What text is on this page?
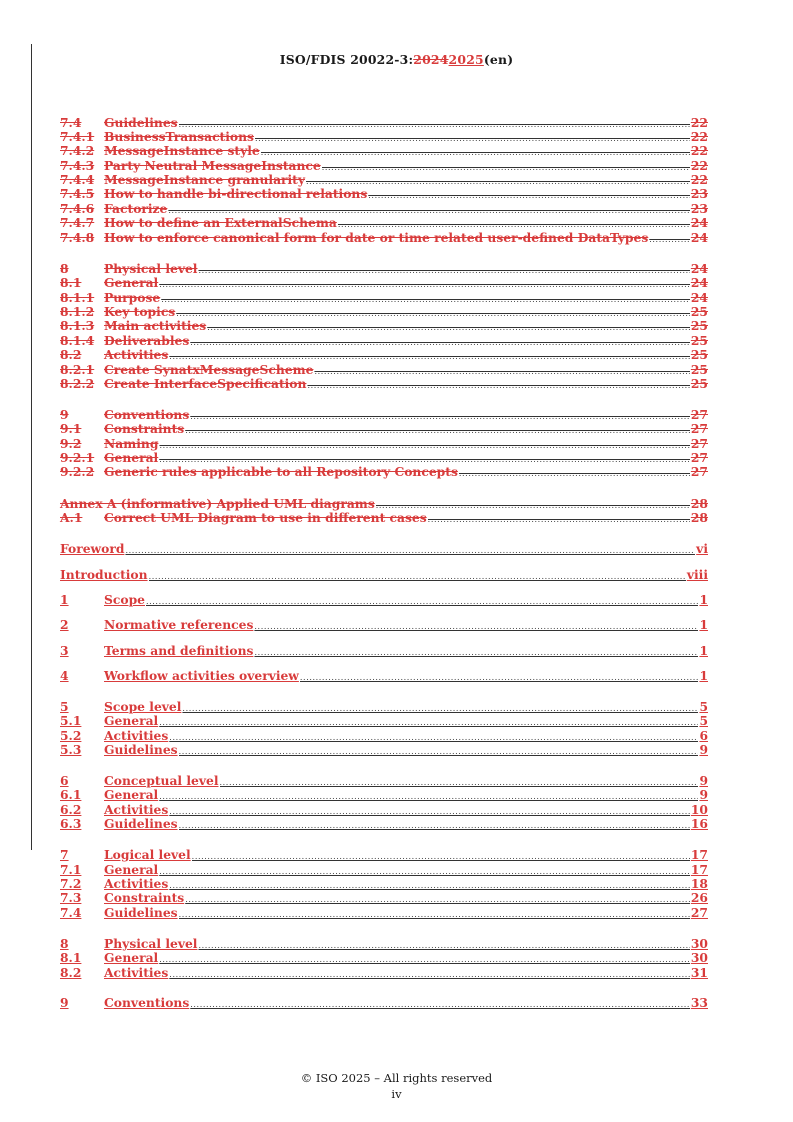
ISO/FDIS 20022-3:20242025(en)
7.4	Guidelines .....	22
7.4.1 BusinessTransactions .....	22
7.4.2 MessageInstance style .....	22
7.4.3 Party Neutral MessageInstance .....	22
7.4.4 MessageInstance granularity .....	22
7.4.5 How to handle bi-directional relations .....	23
7.4.6 Factorize .....	23
7.4.7 How to define an ExternalSchema .....	24
7.4.8 How to enforce canonical form for date or time related user-defined DataTypes .....	24
8	Physical level .....	24
8.1	General .....	24
8.1.1 Purpose .....	24
8.1.2 Key topics .....	25
8.1.3 Main activities .....	25
8.1.4 Deliverables .....	25
8.2	Activities .....	25
8.2.1 Create SynatxMessageScheme .....	25
8.2.2 Create InterfaceSpecification .....	25
9	Conventions .....	27
9.1	Constraints .....	27
9.2	Naming .....	27
9.2.1 General .....	27
9.2.2 Generic rules applicable to all Repository Concepts .....	27
Annex A (informative) Applied UML diagrams .....	28
A.1	Correct UML Diagram to use in different cases .....	28
Foreword .....	vi
Introduction .....	viii
1	Scope .....	1
2	Normative references .....	1
3	Terms and definitions .....	1
4	Workflow activities overview .....	1
5	Scope level .....	5
5.1	General .....	5
5.2	Activities .....	6
5.3	Guidelines .....	9
6	Conceptual level .....	9
6.1	General .....	9
6.2	Activities .....	10
6.3	Guidelines .....	16
7	Logical level .....	17
7.1	General .....	17
7.2	Activities .....	18
7.3	Constraints .....	26
7.4	Guidelines .....	27
8	Physical level .....	30
8.1	General .....	30
8.2	Activities .....	31
9	Conventions .....	33
© ISO 2025 – All rights reserved
iv
